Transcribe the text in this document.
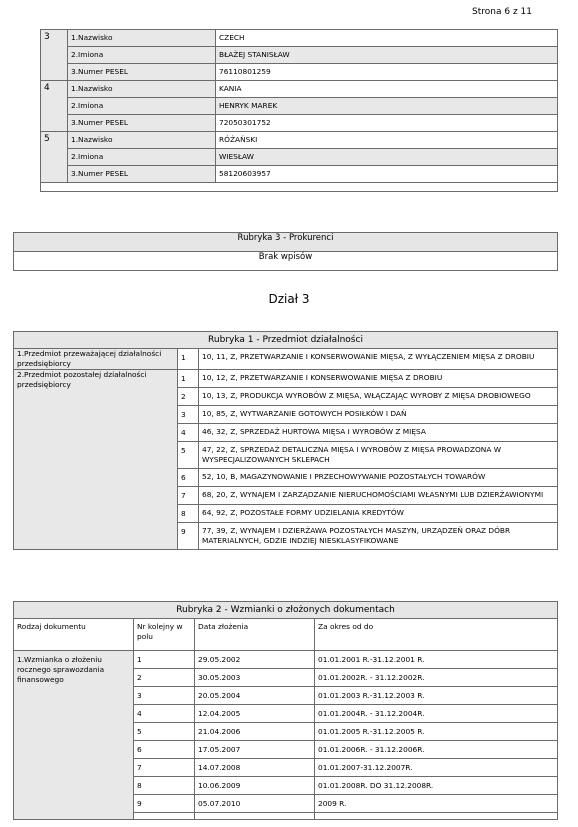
Strona 6 z 11
3	1.Nazwisko	CZECH
	2.Imiona	BŁAŻEJ STANISŁAW
	3.Numer PESEL	76110801259
4	1.Nazwisko	KANIA
	2.Imiona	HENRYK MAREK
	3.Numer PESEL	72050301752
5	1.Nazwisko	RÓŻAŃSKI
	2.Imiona	WIESŁAW
	3.Numer PESEL	58120603957

Rubryka 3 - Prokurenci
Brak wpisów
Dział 3
Rubryka 1 - Przedmiot działalności		
1.Przedmiot przeważającej działalności przedsiębiorcy	1	10, 11, Z, PRZETWARZANIE I KONSERWOWANIE MIĘSA, Z WYŁĄCZENIEM MIĘSA Z DROBIU
2.Przedmiot pozostałej działalności przedsiębiorcy	1	10, 12, Z, PRZETWARZANIE I KONSERWOWANIE MIĘSA Z DROBIU
	2	10, 13, Z, PRODUKCJA WYROBÓW Z MIĘSA, WŁĄCZAJĄC WYROBY Z MIĘSA DROBIOWEGO
	3	10, 85, Z, WYTWARZANIE GOTOWYCH POSIŁKÓW I DAŃ
	4	46, 32, Z, SPRZEDAŻ HURTOWA MIĘSA I WYROBÓW Z MIĘSA
	5	47, 22, Z, SPRZEDAŻ DETALICZNA MIĘSA I WYROBÓW Z MIĘSA PROWADZONA W WYSPECJALIZOWANYCH SKLEPACH
	6	52, 10, B, MAGAZYNOWANIE I PRZECHOWYWANIE POZOSTAŁYCH TOWARÓW
	7	68, 20, Z, WYNAJEM I ZARZĄDZANIE NIERUCHOMOŚCIAMI WŁASNYMI LUB DZIERŻAWIONYMI
	8	64, 92, Z, POZOSTAŁE FORMY UDZIELANIA KREDYTÓW
	9	77, 39, Z, WYNAJEM I DZIERŻAWA POZOSTAŁYCH MASZYN, URZĄDZEŃ ORAZ DÓBR MATERIALNYCH, GDZIE INDZIEJ NIESKLASYFIKOWANE
Rubryka 2 - Wzmianki o złożonych dokumentach			
Rodzaj dokumentu	Nr kolejny w polu	Data złożenia	Za okres od do
1.Wzmianka o złożeniu rocznego sprawozdania finansowego	1	29.05.2002	01.01.2001 R.-31.12.2001 R.
	2	30.05.2003	01.01.2002R. - 31.12.2002R.
	3	20.05.2004	01.01.2003 R.-31.12.2003 R.
	4	12.04.2005	01.01.2004R. - 31.12.2004R.
	5	21.04.2006	01.01.2005 R.-31.12.2005 R.
	6	17.05.2007	01.01.2006R. - 31.12.2006R.
	7	14.07.2008	01.01.2007-31.12.2007R.
	8	10.06.2009	01.01.2008R. DO 31.12.2008R.
	9	05.07.2010	2009 R.
